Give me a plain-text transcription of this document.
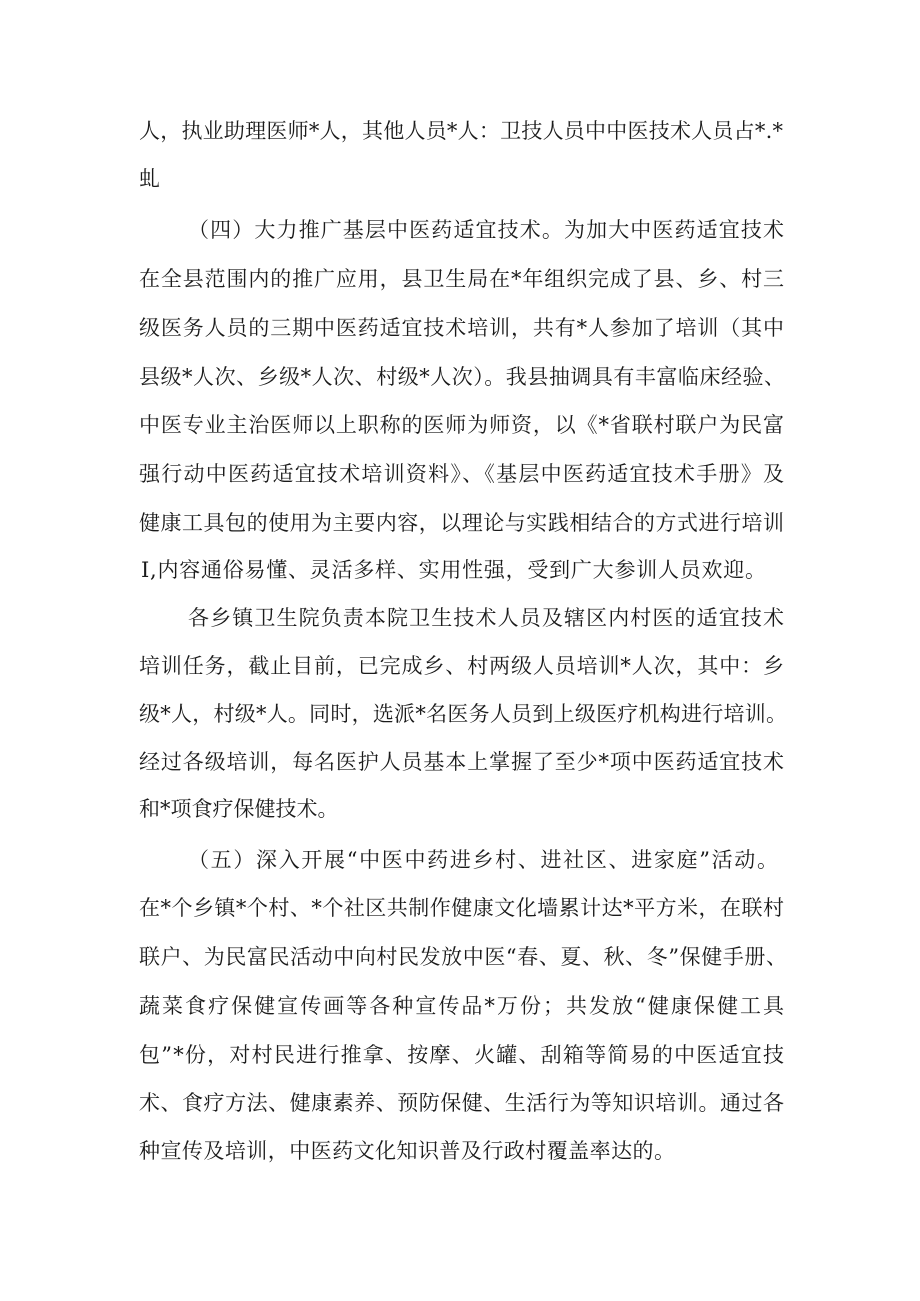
人，执业助理医师*人，其他人员*人：卫技人员中中医技术人员占*.*
虬
（四）大力推广基层中医药适宜技术。为加大中医药适宜技术
在全县范围内的推广应用，县卫生局在*年组织完成了县、乡、村三
级医务人员的三期中医药适宜技术培训，共有*人参加了培训（其中
县级*人次、乡级*人次、村级*人次）。我县抽调具有丰富临床经验、
中医专业主治医师以上职称的医师为师资，以《*省联村联户为民富
强行动中医药适宜技术培训资料》、《基层中医药适宜技术手册》及
健康工具包的使用为主要内容，以理论与实践相结合的方式进行培训
I,内容通俗易懂、灵活多样、实用性强，受到广大参训人员欢迎。
各乡镇卫生院负责本院卫生技术人员及辖区内村医的适宜技术
培训任务，截止目前，已完成乡、村两级人员培训*人次，其中：乡
级*人，村级*人。同时，选派*名医务人员到上级医疗机构进行培训。
经过各级培训，每名医护人员基本上掌握了至少*项中医药适宜技术
和*项食疗保健技术。
（五）深入开展“中医中药进乡村、进社区、进家庭”活动。
在*个乡镇*个村、*个社区共制作健康文化墙累计达*平方米，在联村
联户、为民富民活动中向村民发放中医“春、夏、秋、冬”保健手册、
蔬菜食疗保健宣传画等各种宣传品*万份；共发放“健康保健工具
包”*份，对村民进行推拿、按摩、火罐、刮箱等简易的中医适宜技
术、食疗方法、健康素养、预防保健、生活行为等知识培训。通过各
种宣传及培训，中医药文化知识普及行政村覆盖率达的。
